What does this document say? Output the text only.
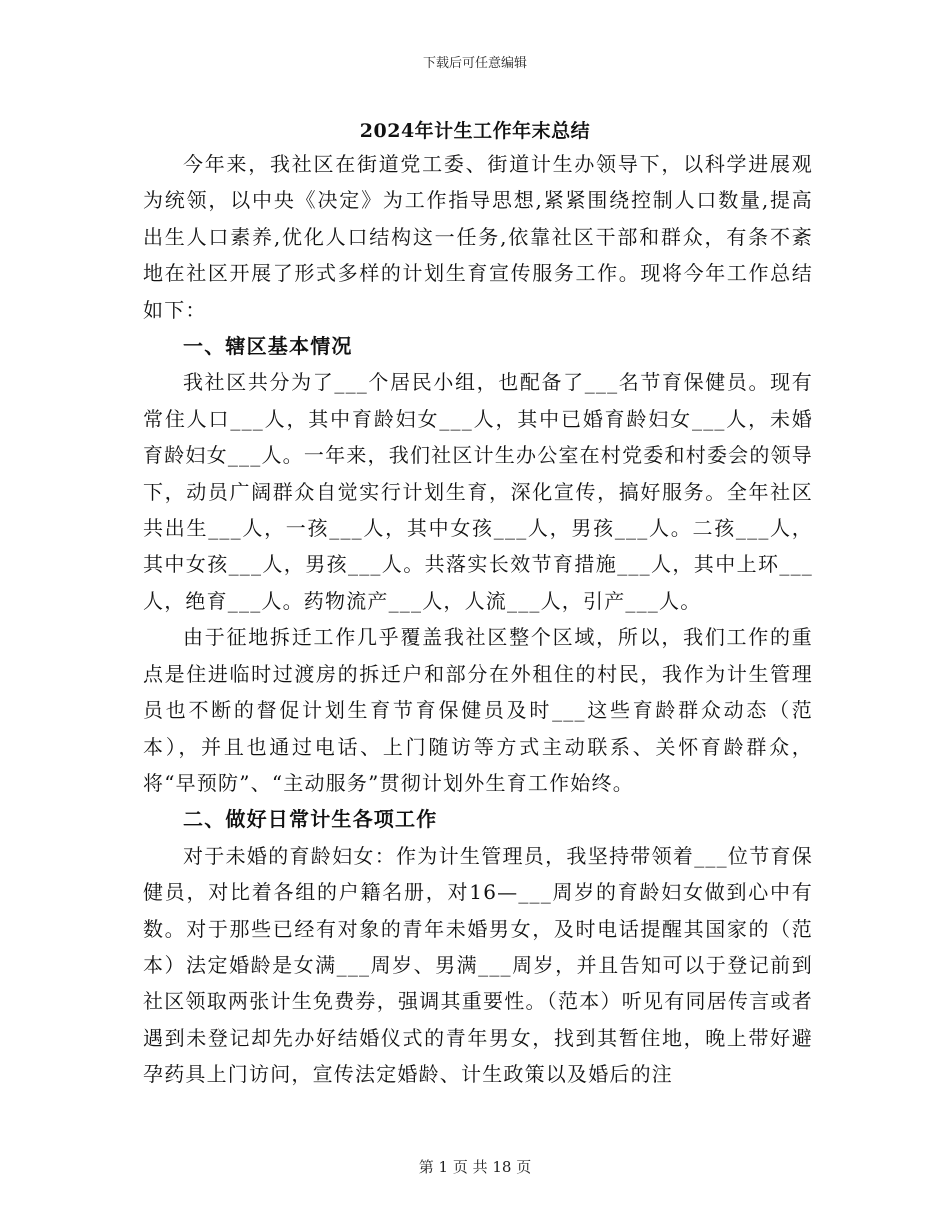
下载后可任意编辑
2024年计生工作年末总结

今年来，我社区在街道党工委、街道计生办领导下，以科学进展观为统领，以中央《决定》为工作指导思想,紧紧围绕控制人口数量,提高出生人口素养,优化人口结构这一任务,依靠社区干部和群众，有条不紊地在社区开展了形式多样的计划生育宣传服务工作。现将今年工作总结如下：

一、辖区基本情况

我社区共分为了___个居民小组，也配备了___名节育保健员。现有常住人口___人，其中育龄妇女___人，其中已婚育龄妇女___人，未婚育龄妇女___人。一年来，我们社区计生办公室在村党委和村委会的领导下，动员广阔群众自觉实行计划生育，深化宣传，搞好服务。全年社区共出生___人，一孩___人，其中女孩___人，男孩___人。二孩___人，其中女孩___人，男孩___人。共落实长效节育措施___人，其中上环___人，绝育___人。药物流产___人，人流___人，引产___人。

由于征地拆迁工作几乎覆盖我社区整个区域，所以，我们工作的重点是住进临时过渡房的拆迁户和部分在外租住的村民，我作为计生管理员也不断的督促计划生育节育保健员及时___这些育龄群众动态（范本），并且也通过电话、上门随访等方式主动联系、关怀育龄群众，将“早预防”、“主动服务”贯彻计划外生育工作始终。

二、做好日常计生各项工作

对于未婚的育龄妇女：作为计生管理员，我坚持带领着___位节育保健员，对比着各组的户籍名册，对16—___周岁的育龄妇女做到心中有数。对于那些已经有对象的青年未婚男女，及时电话提醒其国家的（范本）法定婚龄是女满___周岁、男满___周岁，并且告知可以于登记前到社区领取两张计生免费券，强调其重要性。（范本）听见有同居传言或者遇到未登记却先办好结婚仪式的青年男女，找到其暂住地，晚上带好避孕药具上门访问，宣传法定婚龄、计生政策以及婚后的注

第 1 页 共 18 页
